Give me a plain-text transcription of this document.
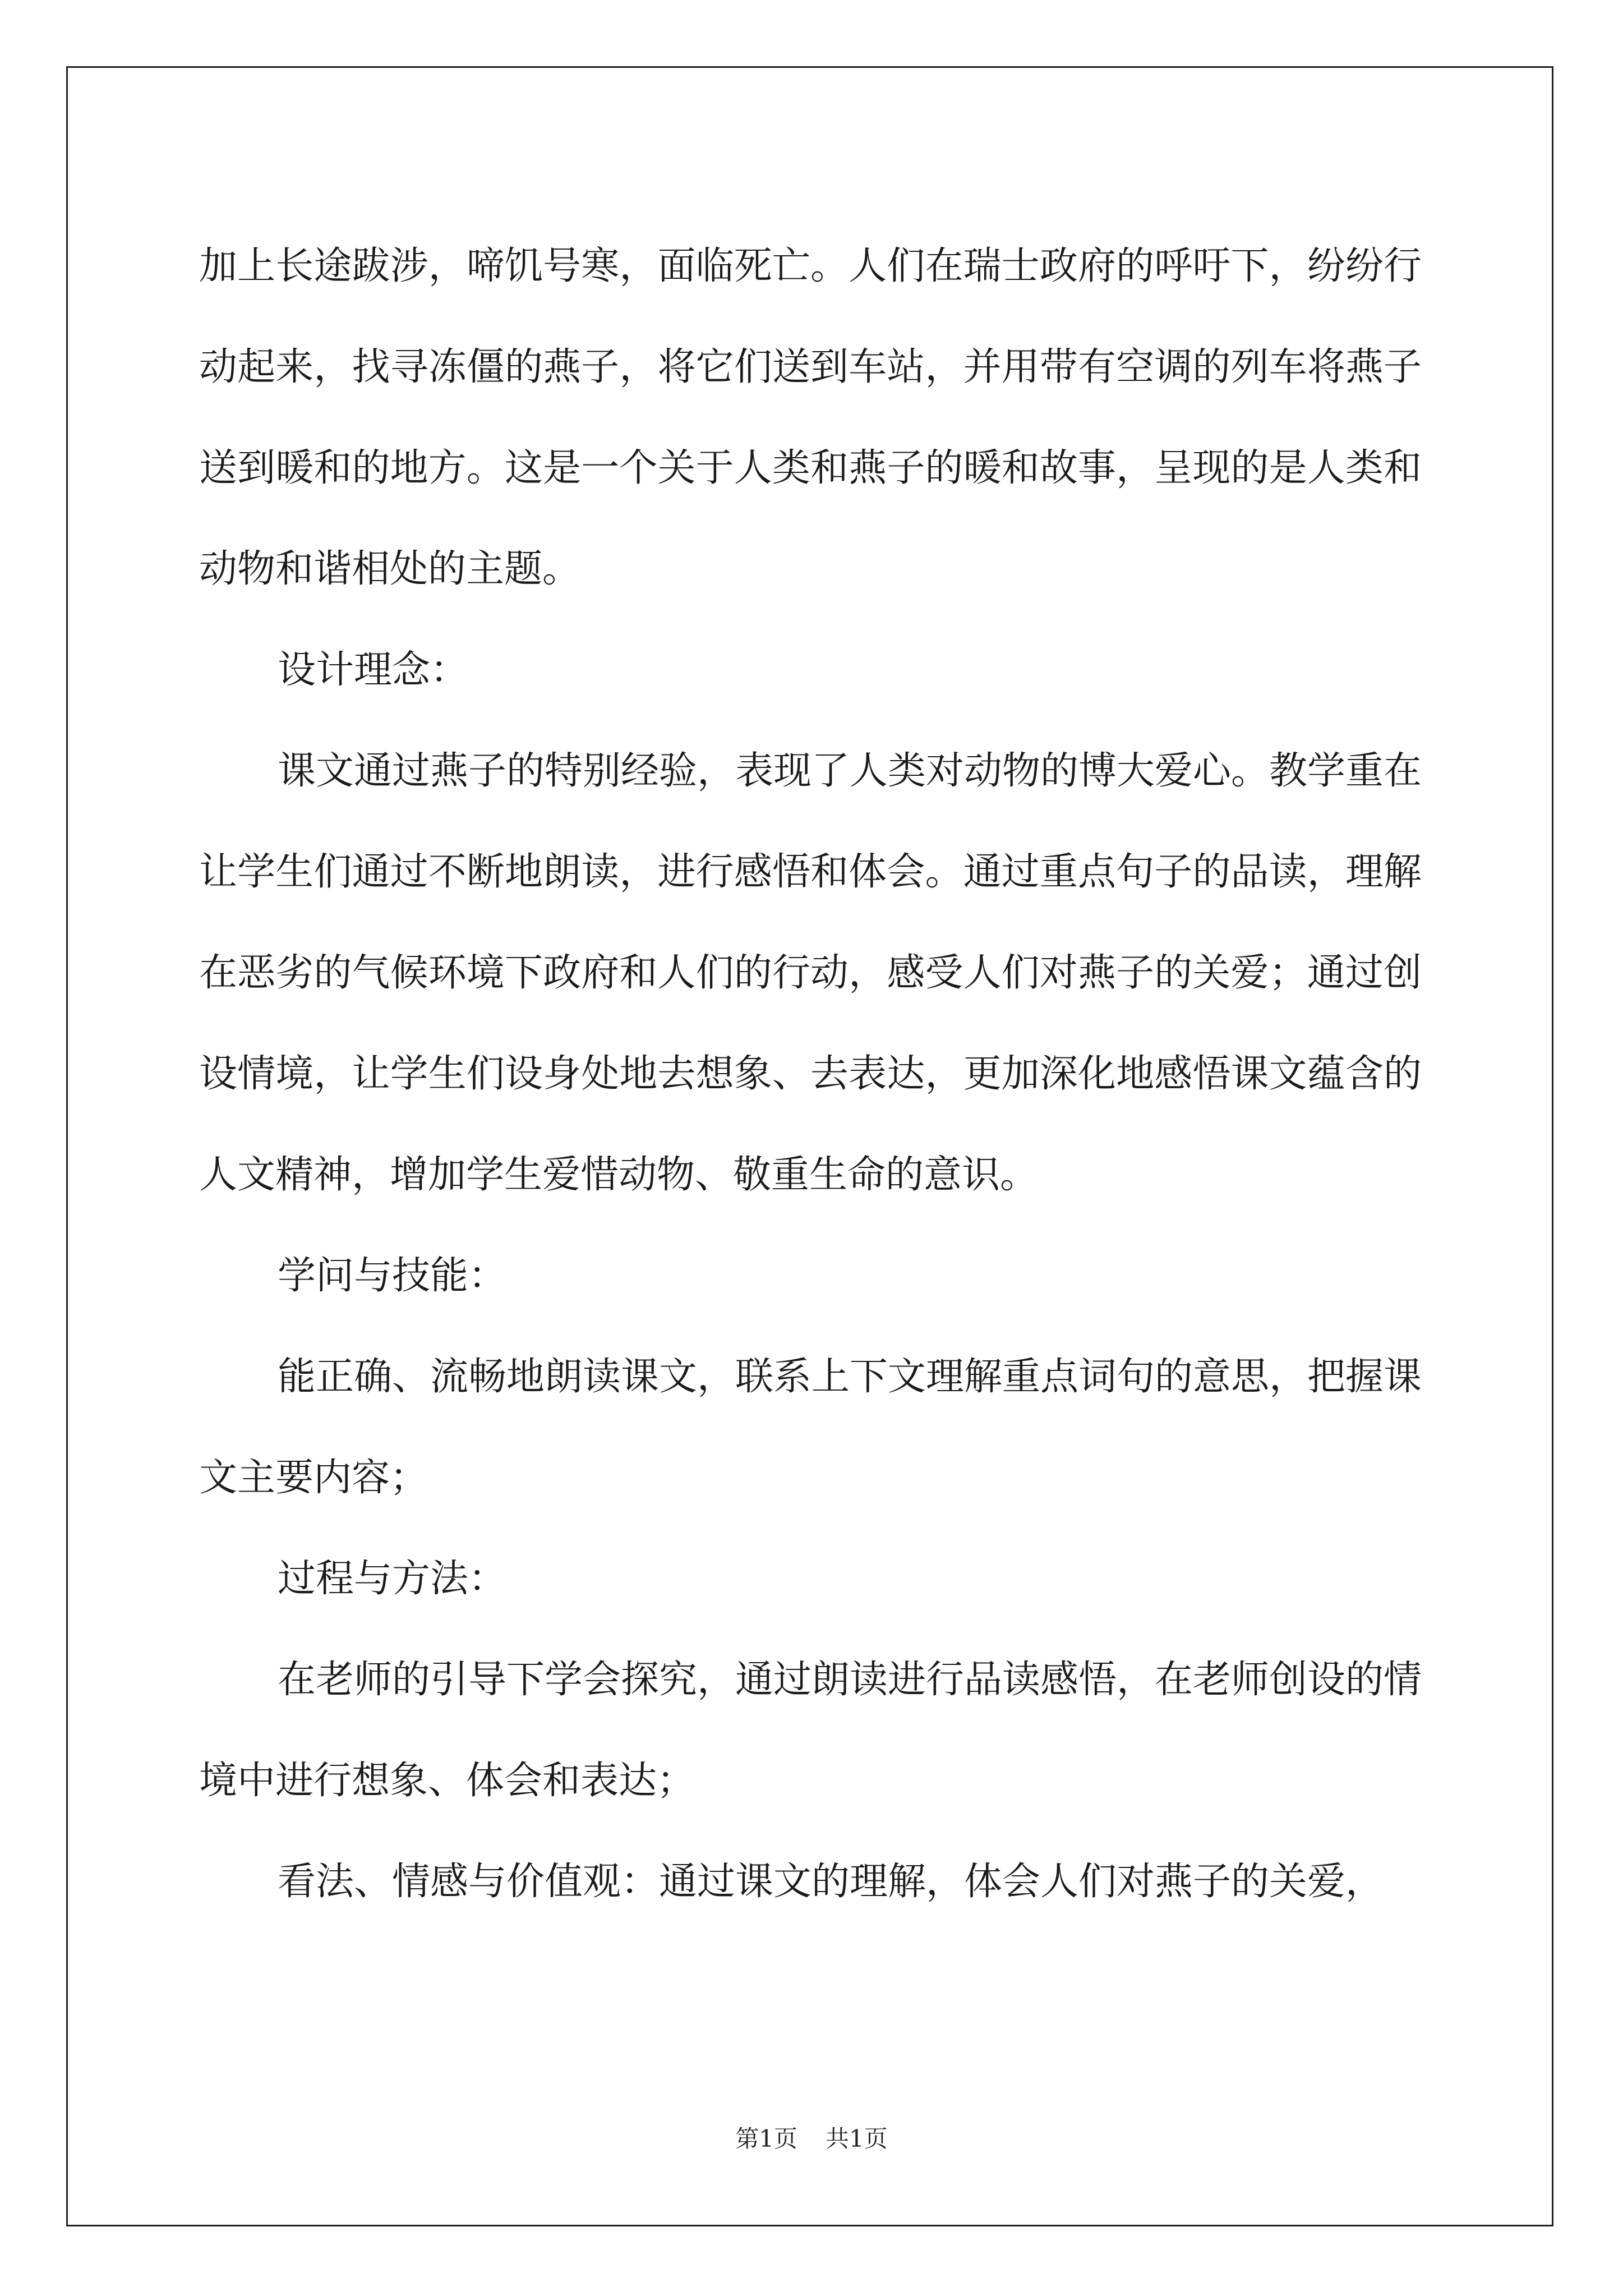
加上长途跋涉，啼饥号寒，面临死亡。人们在瑞士政府的呼吁下，纷纷行动起来，找寻冻僵的燕子，将它们送到车站，并用带有空调的列车将燕子送到暖和的地方。这是一个关于人类和燕子的暖和故事，呈现的是人类和动物和谐相处的主题。

设计理念：

课文通过燕子的特别经验，表现了人类对动物的博大爱心。教学重在让学生们通过不断地朗读，进行感悟和体会。通过重点句子的品读，理解在恶劣的气候环境下政府和人们的行动，感受人们对燕子的关爱；通过创设情境，让学生们设身处地去想象、去表达，更加深化地感悟课文蕴含的人文精神，增加学生爱惜动物、敬重生命的意识。

学问与技能：

能正确、流畅地朗读课文，联系上下文理解重点词句的意思，把握课文主要内容；

过程与方法：

在老师的引导下学会探究，通过朗读进行品读感悟，在老师创设的情境中进行想象、体会和表达；

看法、情感与价值观：通过课文的理解，体会人们对燕子的关爱，

第1页 共1页
